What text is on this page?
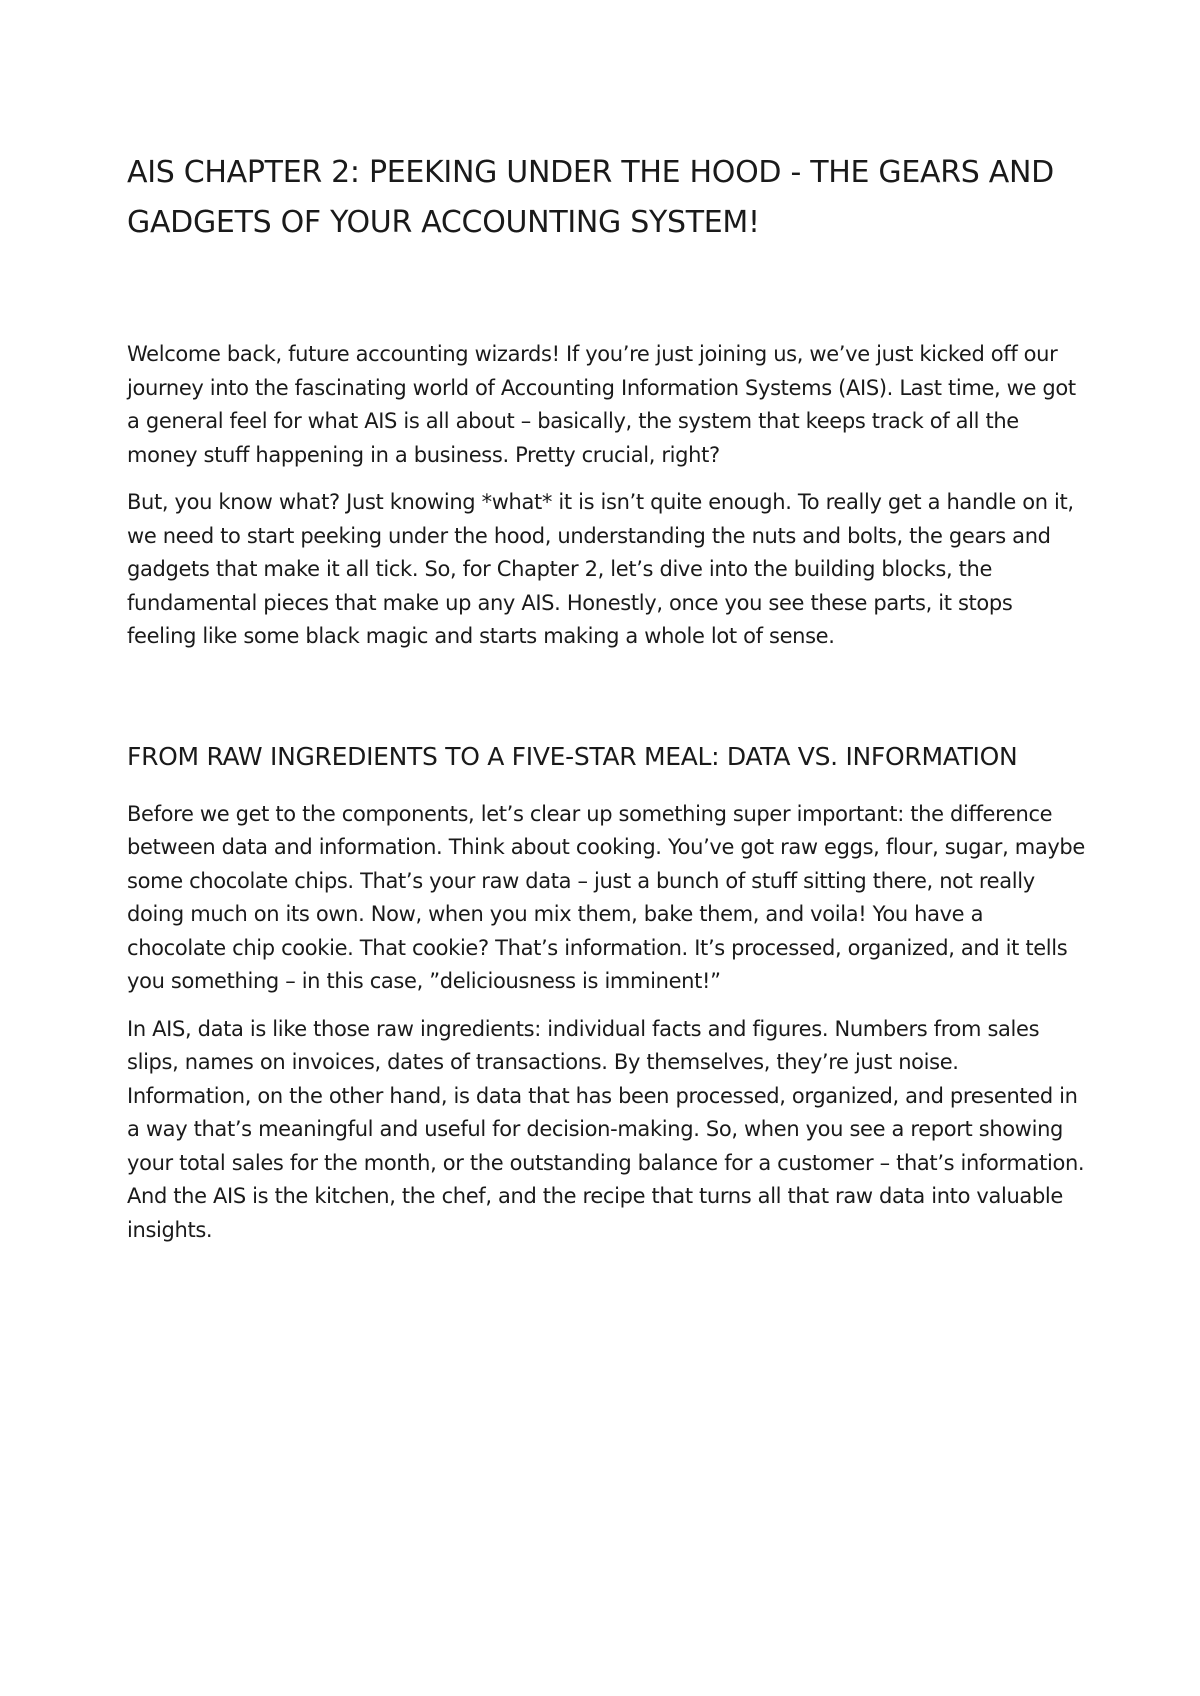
AIS CHAPTER 2: PEEKING UNDER THE HOOD - THE GEARS AND GADGETS OF YOUR ACCOUNTING SYSTEM!

Welcome back, future accounting wizards! If you’re just joining us, we’ve just kicked off our journey into the fascinating world of Accounting Information Systems (AIS). Last time, we got a general feel for what AIS is all about – basically, the system that keeps track of all the money stuff happening in a business. Pretty crucial, right?

But, you know what? Just knowing *what* it is isn’t quite enough. To really get a handle on it, we need to start peeking under the hood, understanding the nuts and bolts, the gears and gadgets that make it all tick. So, for Chapter 2, let’s dive into the building blocks, the fundamental pieces that make up any AIS. Honestly, once you see these parts, it stops feeling like some black magic and starts making a whole lot of sense.

FROM RAW INGREDIENTS TO A FIVE-STAR MEAL: DATA VS. INFORMATION

Before we get to the components, let’s clear up something super important: the difference between data and information. Think about cooking. You’ve got raw eggs, flour, sugar, maybe some chocolate chips. That’s your raw data – just a bunch of stuff sitting there, not really doing much on its own. Now, when you mix them, bake them, and voila! You have a chocolate chip cookie. That cookie? That’s information. It’s processed, organized, and it tells you something – in this case, ”deliciousness is imminent!”

In AIS, data is like those raw ingredients: individual facts and figures. Numbers from sales slips, names on invoices, dates of transactions. By themselves, they’re just noise. Information, on the other hand, is data that has been processed, organized, and presented in a way that’s meaningful and useful for decision-making. So, when you see a report showing your total sales for the month, or the outstanding balance for a customer – that’s information. And the AIS is the kitchen, the chef, and the recipe that turns all that raw data into valuable insights.
